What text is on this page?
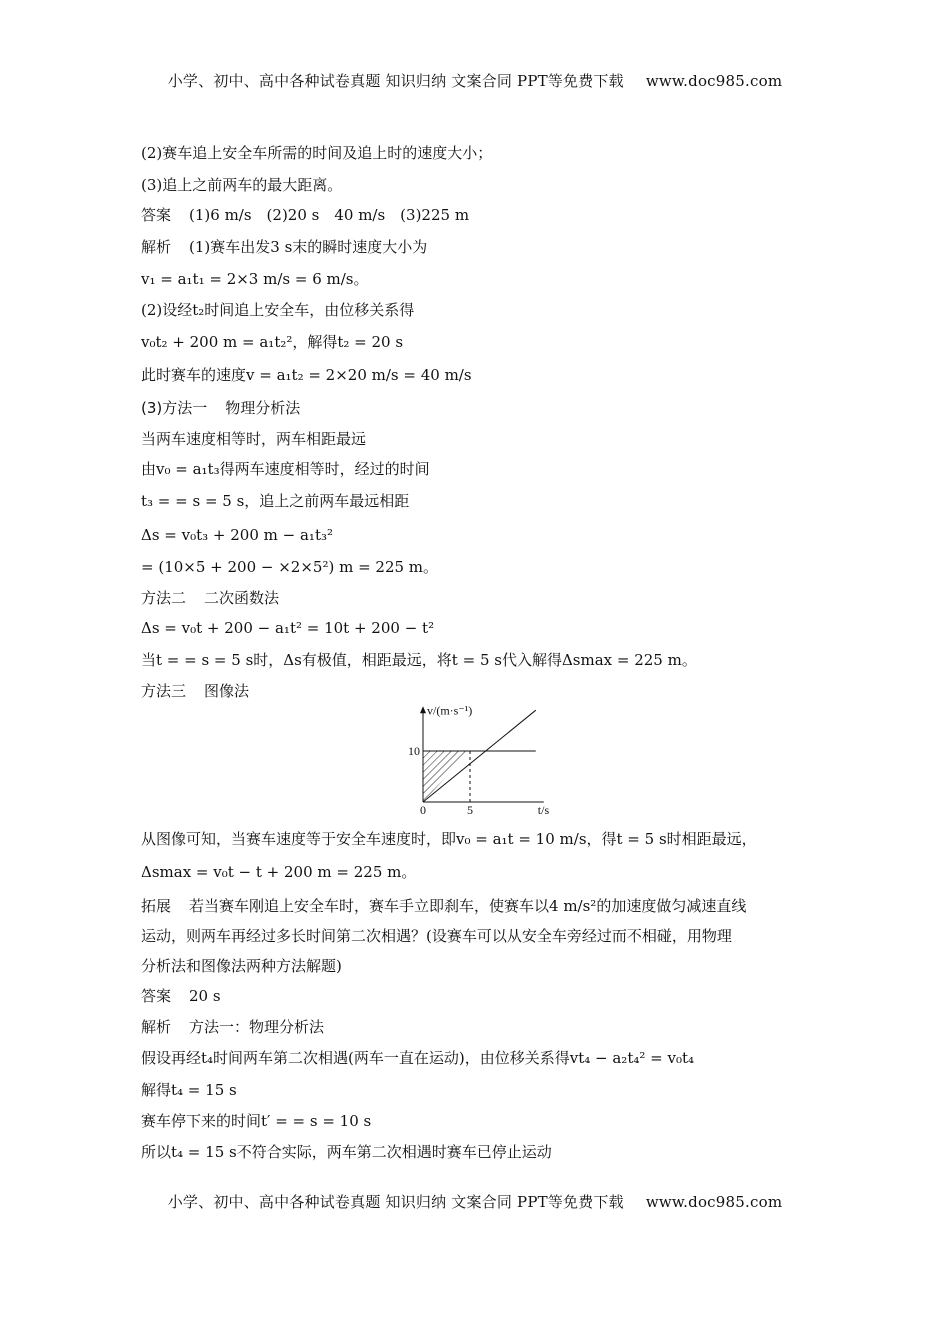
小学、初中、高中各种试卷真题 知识归纳 文案合同 PPT等免费下载 www.doc985.com
(2)赛车追上安全车所需的时间及追上时的速度大小；
(3)追上之前两车的最大距离。
答案 (1)6 m/s　(2)20 s　40 m/s　(3)225 m
解析 (1)赛车出发3 s末的瞬时速度大小为
v₁ = a₁t₁ = 2×3 m/s = 6 m/s。
(2)设经t₂时间追上安全车，由位移关系得
v₀t₂ + 200 m = a₁t₂²，解得t₂ = 20 s
此时赛车的速度v = a₁t₂ = 2×20 m/s = 40 m/s
(3)方法一 物理分析法
当两车速度相等时，两车相距最远
由v₀ = a₁t₃得两车速度相等时，经过的时间
t₃ = = s = 5 s，追上之前两车最远相距
Δs = v₀t₃ + 200 m − a₁t₃²
= (10×5 + 200 − ×2×5²) m = 225 m。
方法二 二次函数法
Δs = v₀t + 200 − a₁t² = 10t + 200 − t²
当t = = s = 5 s时，Δs有极值，相距最远，将t = 5 s代入解得Δsmax = 225 m。
方法三 图像法
从图像可知，当赛车速度等于安全车速度时，即v₀ = a₁t = 10 m/s，得t = 5 s时相距最远，
Δsmax = v₀t − t + 200 m = 225 m。
拓展 若当赛车刚追上安全车时，赛车手立即刹车，使赛车以4 m/s²的加速度做匀减速直线
运动，则两车再经过多长时间第二次相遇？(设赛车可以从安全车旁经过而不相碰，用物理
分析法和图像法两种方法解题)
答案 20 s
解析 方法一：物理分析法
假设再经t₄时间两车第二次相遇(两车一直在运动)，由位移关系得vt₄ − a₂t₄² = v₀t₄
解得t₄ = 15 s
赛车停下来的时间t′ = = s = 10 s
所以t₄ = 15 s不符合实际，两车第二次相遇时赛车已停止运动
0	5
10
t/s
v/(m·s⁻¹)
小学、初中、高中各种试卷真题 知识归纳 文案合同 PPT等免费下载 www.doc985.com
